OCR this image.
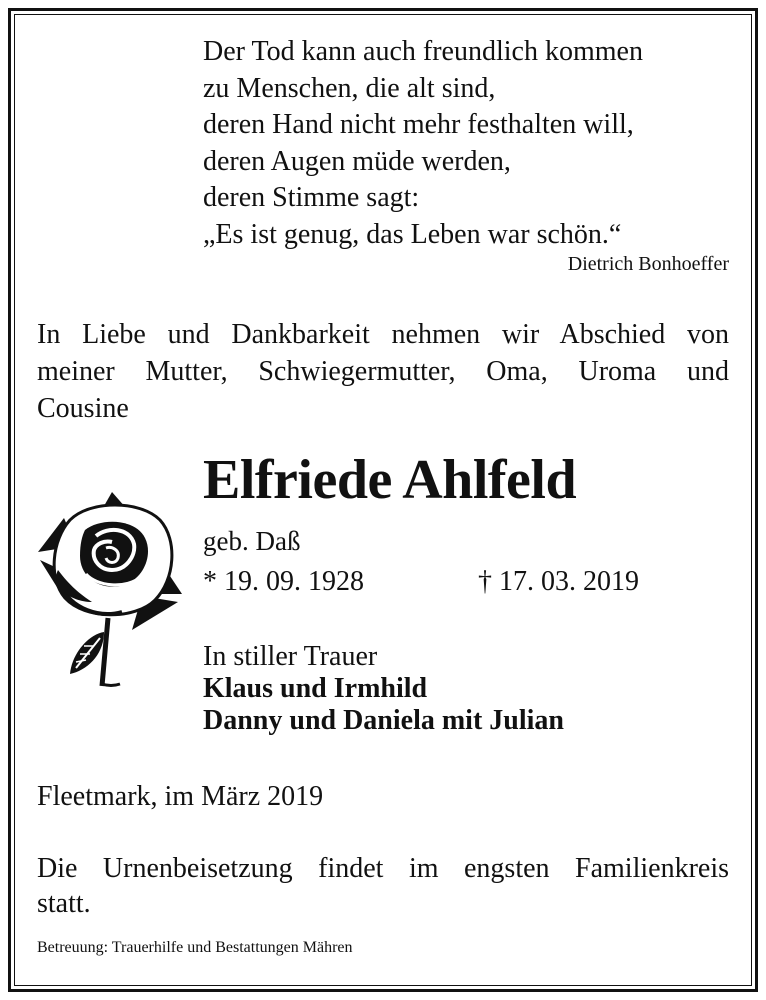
Der Tod kann auch freundlich kommen
zu Menschen, die alt sind,
deren Hand nicht mehr festhalten will,
deren Augen müde werden,
deren Stimme sagt:
„Es ist genug, das Leben war schön.“
Dietrich Bonhoeffer
In Liebe und Dankbarkeit nehmen wir Abschied von
meiner Mutter, Schwiegermutter, Oma, Uroma und
Cousine
Elfriede Ahlfeld
geb. Daß
* 19. 09. 1928	† 17. 03. 2019
In stiller Trauer
Klaus und Irmhild
Danny und Daniela mit Julian
Fleetmark, im März 2019
Die Urnenbeisetzung findet im engsten Familienkreis
statt.
Betreuung: Trauerhilfe und Bestattungen Mähren
